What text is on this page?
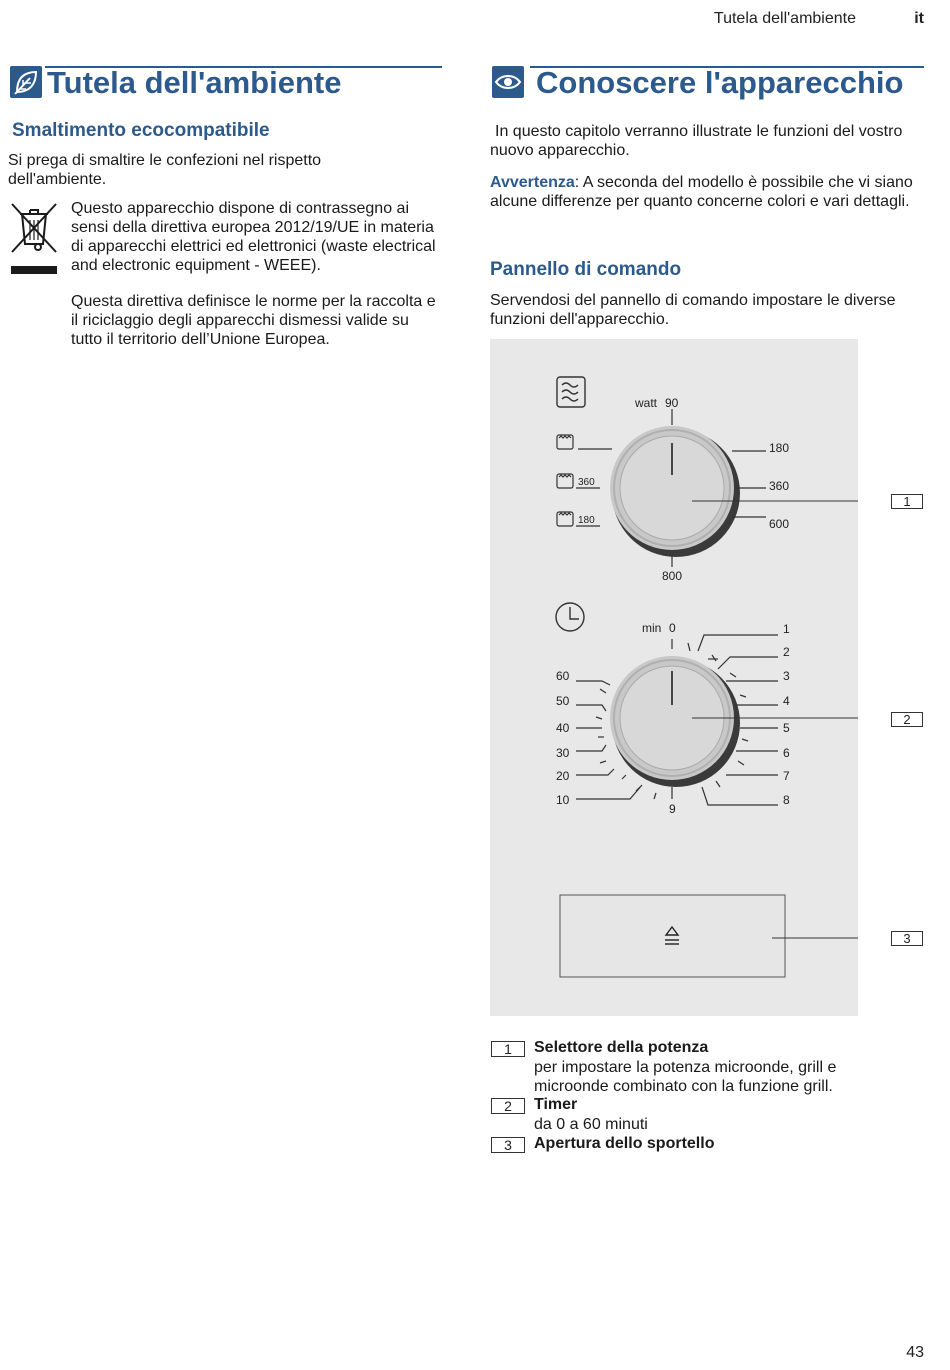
Tutela dell'ambiente	it
Tutela dell'ambiente
Smaltimento ecocompatibile
Si prega di smaltire le confezioni nel rispetto dell'ambiente.
Questo apparecchio dispone di contrassegno ai sensi della direttiva europea 2012/19/UE in materia di apparecchi elettrici ed elettronici (waste electrical and electronic equipment - WEEE).
Questa direttiva definisce le norme per la raccolta e il riciclaggio degli apparecchi dismessi valide su tutto il territorio dell’Unione Europea.
Conoscere l'apparecchio
In questo capitolo verranno illustrate le funzioni del vostro nuovo apparecchio.
Avvertenza: A seconda del modello è possibile che vi siano alcune differenze per quanto concerne colori e vari dettagli.
Pannello di comando
Servendosi del pannello di comando impostare le diverse funzioni dell'apparecchio.
watt 90
180
360
600
800
360
180
1
min 0	1
2
3
4
5
6
7
8
60
50
40
30
20
10
9
2
3
1	Selettore della potenza
per impostare la potenza microonde, grill e microonde combinato con la funzione grill.
2	Timer
da 0 a 60 minuti
3	Apertura dello sportello
43
